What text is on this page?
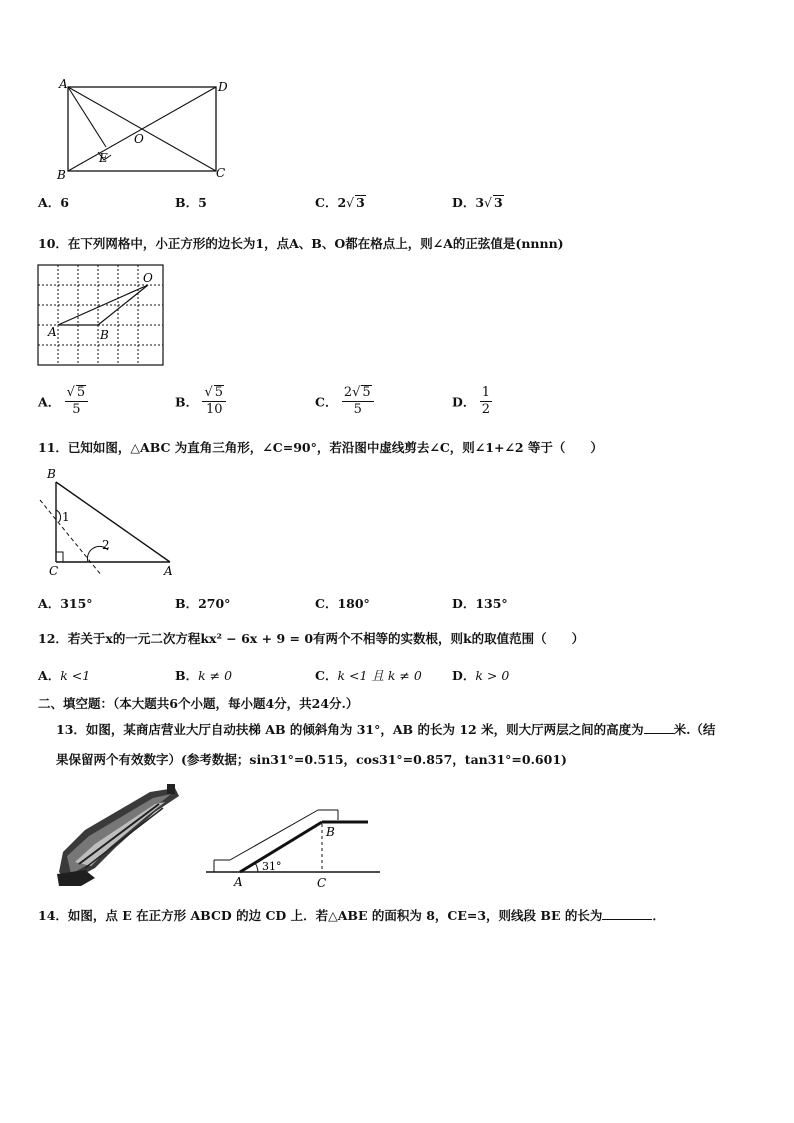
A	D
B	C
O
E
A．6	B．5	C．2√ 3	D．3√ 3
10．在下列网格中，小正方形的边长为1，点A、B、O都在格点上，则∠A的正弦值是(nnnn)
O
A	B
A． $\frac{√ 5}{5}$	B． $\frac{√ 5}{10}$	C． $\frac{2√ 5}{5}$	D． $\frac{1}{2}$
11．已知如图，△ABC 为直角三角形，∠C=90°，若沿图中虚线剪去∠C，则∠1+∠2 等于（　　）
B
C	A
1
2
A．315°	B．270°	C．180°	D．135°
12．若关于x的一元二次方程kx² − 6x + 9 = 0有两个不相等的实数根，则k的取值范围（　　）
A．k <1	B．k ≠ 0	C．k <1 且 k ≠ 0 D．k > 0
二、填空题：（本大题共6个小题，每小题4分，共24分.）
13．如图，某商店营业大厅自动扶梯 AB 的倾斜角为 31°，AB 的长为 12 米，则大厅两层之间的高度为 米.（结
果保留两个有效数字）(参考数据；sin31°=0.515，cos31°=0.857，tan31°=0.601)
31°
A	C
B
14．如图，点 E 在正方形 ABCD 的边 CD 上．若△ABE 的面积为 8，CE=3，则线段 BE 的长为	．
